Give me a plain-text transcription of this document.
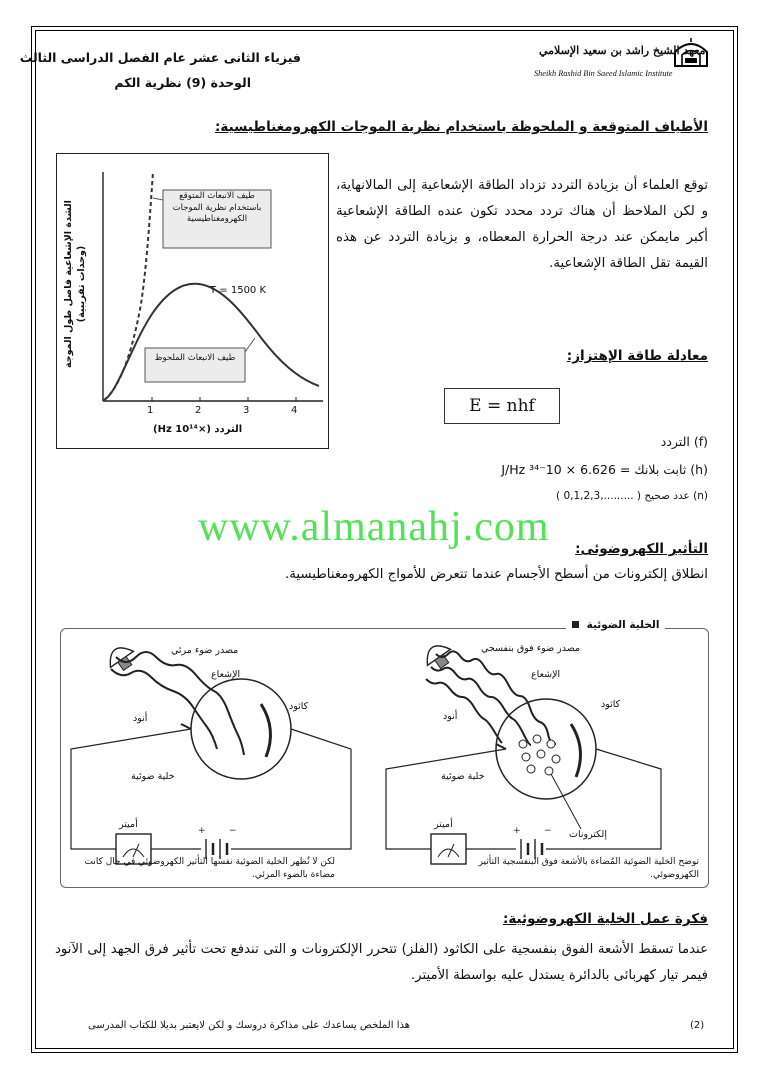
فيزياء الثانى عشر عام الفصل الدراسى الثالث
الوحدة (9) نظرية الكم
معهد الشيخ راشد بن سعيد الإسلامي
Sheikh Rashid Bin Saeed Islamic Institute
الأطياف المتوقعة و الملحوظة باستخدام نظرية الموجات الكهرومغناطيسية:
توقع العلماء أن بزيادة التردد تزداد الطاقة الإشعاعية إلى المالانهاية، و لكن الملاحظ أن هناك تردد محدد تكون عنده الطاقة الإشعاعية أكبر مايمكن عند درجة الحرارة المعطاه، و بزيادة التردد عن هذه القيمة تقل الطاقة الإشعاعية.
طيف الانبعاث المتوقع باستخدام نظرية الموجات الكهرومغناطيسية
طيف الانبعاث الملحوظ
T = 1500 K
1	2	3	4
التردد (×10¹⁴ Hz)
الشدة الإشعاعية فاصل طول الموجة (وحدات تقريبية)
معادلة طاقة الإهتزاز:
E = nhf
(f) التردد
(h) ثابت بلانك = 6.626 × 10⁻³⁴ J/Hz
(n) عدد صحيح ( .........,0,1,2,3 )
www.almanahj.com التأثير الكهروضوئى:
انطلاق إلكترونات من أسطح الأجسام عندما تتعرض للأمواج الكهرومغناطيسية.
+	−	+	−
مصدر ضوء مرئي
الإشعاع
كاثود
أنود
خلية ضوئية
أميتر
لكن لا تُظهر الخلية الضوئية نفسها التأثير الكهروضوئي في حال كانت مضاءة بالضوء المرئي.
مصدر ضوء فوق بنفسجي
الإشعاع
كاثود
أنود
خلية ضوئية
إلكترونات
أميتر
توضح الخلية الضوئية المُضاءة بالأشعة فوق البنفسجية التأثير الكهروضوئي.
الخلية الضوئية
فكرة عمل الخلية الكهروضوئية:
عندما تسقط الأشعة الفوق بنفسجية على الكاثود (الفلز) تتحرر الإلكترونات و التى تندفع تحت تأثير فرق الجهد إلى الآنود فيمر تيار كهربائى بالدائرة يستدل عليه بواسطة الأميتر.
(2)
هذا الملخص يساعدك على مذاكرة دروسك و لكن لايعتبر بديلا للكتاب المدرسى
